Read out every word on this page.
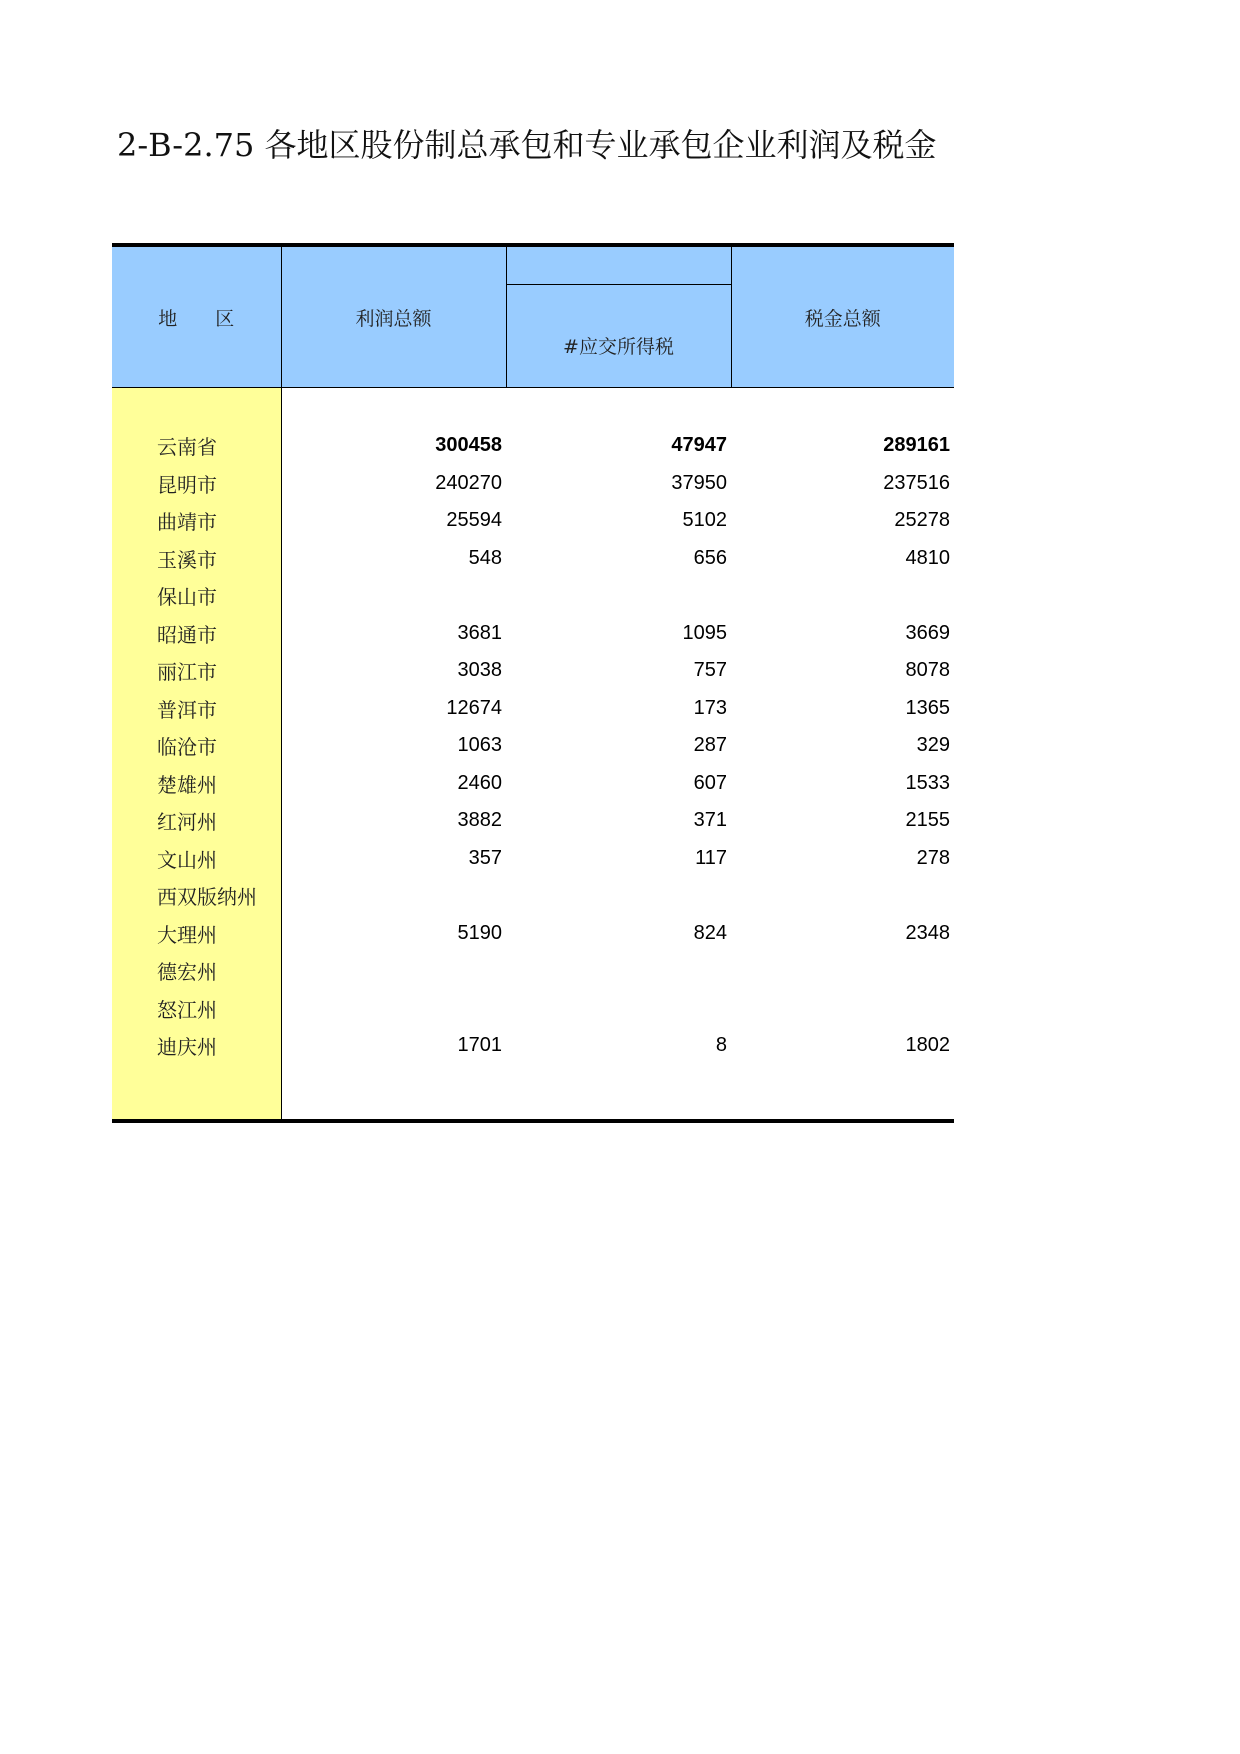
2-B-2.75 各地区股份制总承包和专业承包企业利润及税金
地区	利润总额		税金总额
		#应交所得税	

云南省	300458	47947	289161
昆明市	240270	37950	237516
曲靖市	25594	5102	25278
玉溪市	548	656	4810
保山市			
昭通市	3681	1095	3669
丽江市	3038	757	8078
普洱市	12674	173	1365
临沧市	1063	287	329
楚雄州	2460	607	1533
红河州	3882	371	2155
文山州	357	117	278
西双版纳州			
大理州	5190	824	2348
德宏州			
怒江州			
迪庆州	1701	8	1802
